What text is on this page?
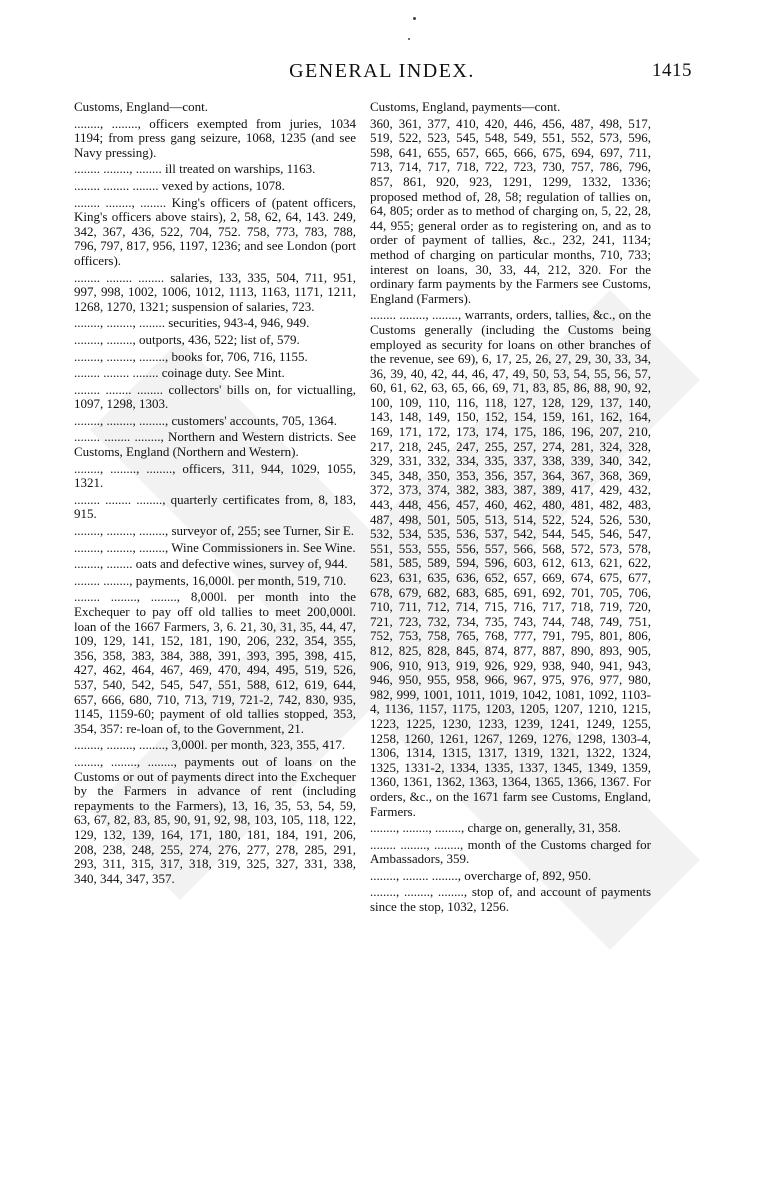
GENERAL INDEX.	1415
Customs, England—cont.

........, ........, officers exempted from juries, 1034 1194; from press gang seizure, 1068, 1235 (and see Navy pressing).

........ ........, ........ ill treated on warships, 1163.

........ ........ ........ vexed by actions, 1078.

........ ........, ........ King's officers of (patent officers, King's officers above stairs), 2, 58, 62, 64, 143. 249, 342, 367, 436, 522, 704, 752. 758, 773, 783, 788, 796, 797, 817, 956, 1197, 1236; and see London (port officers).

........ ........ ........ salaries, 133, 335, 504, 711, 951, 997, 998, 1002, 1006, 1012, 1113, 1163, 1171, 1211, 1268, 1270, 1321; suspension of salaries, 723.

........, ........, ........ securities, 943-4, 946, 949.

........, ........, outports, 436, 522; list of, 579.

........, ........, ........, books for, 706, 716, 1155.

........ ........ ........ coinage duty. See Mint.

........ ........ ........ collectors' bills on, for victualling, 1097, 1298, 1303.

........, ........, ........, customers' accounts, 705, 1364.

........ ........ ........, Northern and Western districts. See Customs, England (Northern and Western).

........, ........, ........, officers, 311, 944, 1029, 1055, 1321.

........ ........ ........, quarterly certificates from, 8, 183, 915.

........, ........, ........, surveyor of, 255; see Turner, Sir E.

........, ........, ........, Wine Commissioners in. See Wine.

........, ........ oats and defective wines, survey of, 944.

........ ........, payments, 16,000l. per month, 519, 710.

........ ........, ........, 8,000l. per month into the Exchequer to pay off old tallies to meet 200,000l. loan of the 1667 Farmers, 3, 6. 21, 30, 31, 35, 44, 47, 109, 129, 141, 152, 181, 190, 206, 232, 354, 355, 356, 358, 383, 384, 388, 391, 393, 395, 398, 415, 427, 462, 464, 467, 469, 470, 494, 495, 519, 526, 537, 540, 542, 545, 547, 551, 588, 612, 619, 644, 657, 666, 680, 710, 713, 719, 721-2, 742, 830, 935, 1145, 1159-60; payment of old tallies stopped, 353, 354, 357: re-loan of, to the Government, 21.

........, ........, ........, 3,000l. per month, 323, 355, 417.

........, ........, ........, payments out of loans on the Customs or out of payments direct into the Exchequer by the Farmers in advance of rent (including repayments to the Farmers), 13, 16, 35, 53, 54, 59, 63, 67, 82, 83, 85, 90, 91, 92, 98, 103, 105, 118, 122, 129, 132, 139, 164, 171, 180, 181, 184, 191, 206, 208, 238, 248, 255, 274, 276, 277, 278, 285, 291, 293, 311, 315, 317, 318, 319, 325, 327, 331, 338, 340, 344, 347, 357.

Customs, England, payments—cont.

360, 361, 377, 410, 420, 446, 456, 487, 498, 517, 519, 522, 523, 545, 548, 549, 551, 552, 573, 596, 598, 641, 655, 657, 665, 666, 675, 694, 697, 711, 713, 714, 717, 718, 722, 723, 730, 757, 786, 796, 857, 861, 920, 923, 1291, 1299, 1332, 1336; proposed method of, 28, 58; regulation of tallies on, 64, 805; order as to method of charging on, 5, 22, 28, 44, 955; general order as to registering on, and as to order of payment of tallies, &c., 232, 241, 1134; method of charging on particular months, 710, 733; interest on loans, 30, 33, 44, 212, 320. For the ordinary farm payments by the Farmers see Customs, England (Farmers).

........ ........, ........, warrants, orders, tallies, &c., on the Customs generally (including the Customs being employed as security for loans on other branches of the revenue, see 69), 6, 17, 25, 26, 27, 29, 30, 33, 34, 36, 39, 40, 42, 44, 46, 47, 49, 50, 53, 54, 55, 56, 57, 60, 61, 62, 63, 65, 66, 69, 71, 83, 85, 86, 88, 90, 92, 100, 109, 110, 116, 118, 127, 128, 129, 137, 140, 143, 148, 149, 150, 152, 154, 159, 161, 162, 164, 169, 171, 172, 173, 174, 175, 186, 196, 207, 210, 217, 218, 245, 247, 255, 257, 274, 281, 324, 328, 329, 331, 332, 334, 335, 337, 338, 339, 340, 342, 345, 348, 350, 353, 356, 357, 364, 367, 368, 369, 372, 373, 374, 382, 383, 387, 389, 417, 429, 432, 443, 448, 456, 457, 460, 462, 480, 481, 482, 483, 487, 498, 501, 505, 513, 514, 522, 524, 526, 530, 532, 534, 535, 536, 537, 542, 544, 545, 546, 547, 551, 553, 555, 556, 557, 566, 568, 572, 573, 578, 581, 585, 589, 594, 596, 603, 612, 613, 621, 622, 623, 631, 635, 636, 652, 657, 669, 674, 675, 677, 678, 679, 682, 683, 685, 691, 692, 701, 705, 706, 710, 711, 712, 714, 715, 716, 717, 718, 719, 720, 721, 723, 732, 734, 735, 743, 744, 748, 749, 751, 752, 753, 758, 765, 768, 777, 791, 795, 801, 806, 812, 825, 828, 845, 874, 877, 887, 890, 893, 905, 906, 910, 913, 919, 926, 929, 938, 940, 941, 943, 946, 950, 955, 958, 966, 967, 975, 976, 977, 980, 982, 999, 1001, 1011, 1019, 1042, 1081, 1092, 1103-4, 1136, 1157, 1175, 1203, 1205, 1207, 1210, 1215, 1223, 1225, 1230, 1233, 1239, 1241, 1249, 1255, 1258, 1260, 1261, 1267, 1269, 1276, 1298, 1303-4, 1306, 1314, 1315, 1317, 1319, 1321, 1322, 1324, 1325, 1331-2, 1334, 1335, 1337, 1345, 1349, 1359, 1360, 1361, 1362, 1363, 1364, 1365, 1366, 1367. For orders, &c., on the 1671 farm see Customs, England, Farmers.

........, ........, ........, charge on, generally, 31, 358.

........ ........, ........, month of the Customs charged for Ambassadors, 359.

........, ........ ........, overcharge of, 892, 950.

........, ........, ........, stop of, and account of payments since the stop, 1032, 1256.
